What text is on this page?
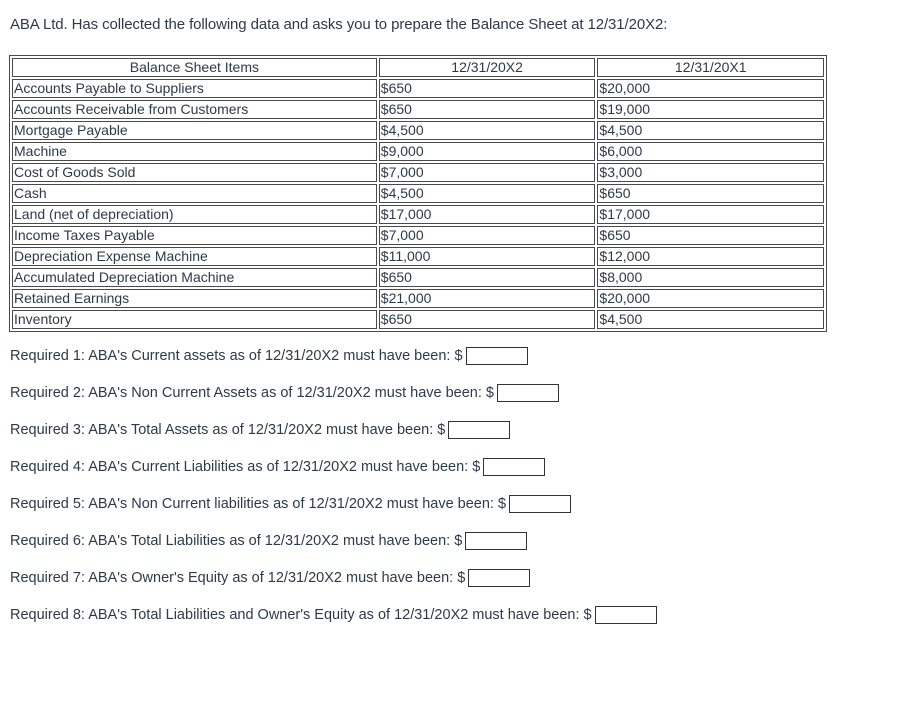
ABA Ltd. Has collected the following data and asks you to prepare the Balance Sheet at 12/31/20X2:
Balance Sheet Items	12/31/20X2	12/31/20X1
Accounts Payable to Suppliers	$650	$20,000
Accounts Receivable from Customers	$650	$19,000
Mortgage Payable	$4,500	$4,500
Machine	$9,000	$6,000
Cost of Goods Sold	$7,000	$3,000
Cash	$4,500	$650
Land (net of depreciation)	$17,000	$17,000
Income Taxes Payable	$7,000	$650
Depreciation Expense Machine	$11,000	$12,000
Accumulated Depreciation Machine	$650	$8,000
Retained Earnings	$21,000	$20,000
Inventory	$650	$4,500
Required 1: ABA's Current assets as of 12/31/20X2 must have been: $
Required 2: ABA's Non Current Assets as of 12/31/20X2 must have been: $
Required 3: ABA's Total Assets as of 12/31/20X2 must have been: $
Required 4: ABA's Current Liabilities as of 12/31/20X2 must have been: $
Required 5: ABA's Non Current liabilities as of 12/31/20X2 must have been: $
Required 6: ABA's Total Liabilities as of 12/31/20X2 must have been: $
Required 7: ABA's Owner's Equity as of 12/31/20X2 must have been: $
Required 8: ABA's Total Liabilities and Owner's Equity as of 12/31/20X2 must have been: $
